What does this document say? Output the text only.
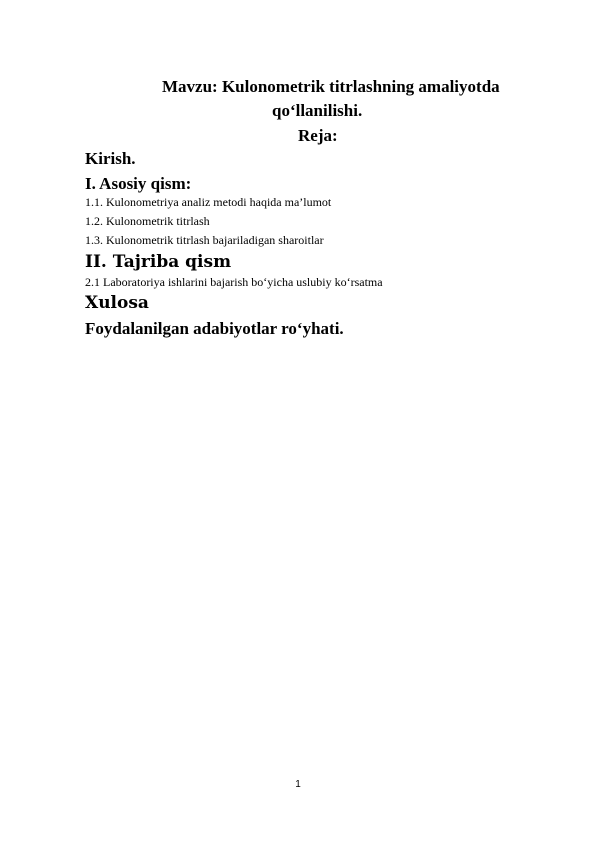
Mavzu: Kulonometrik titrlashning amaliyotda
qo‘llanilishi.
Reja:
Kirish.
I. Asosiy qism:
1.1. Kulonometriya analiz metodi haqida ma’lumot
1.2. Kulonometrik titrlash
1.3. Kulonometrik titrlash bajariladigan sharoitlar
II. Tajriba qism
2.1 Laboratoriya ishlarini bajarish bo‘yicha uslubiy ko‘rsatma
Xulosa
Foydalanilgan adabiyotlar ro‘yhati.
1
